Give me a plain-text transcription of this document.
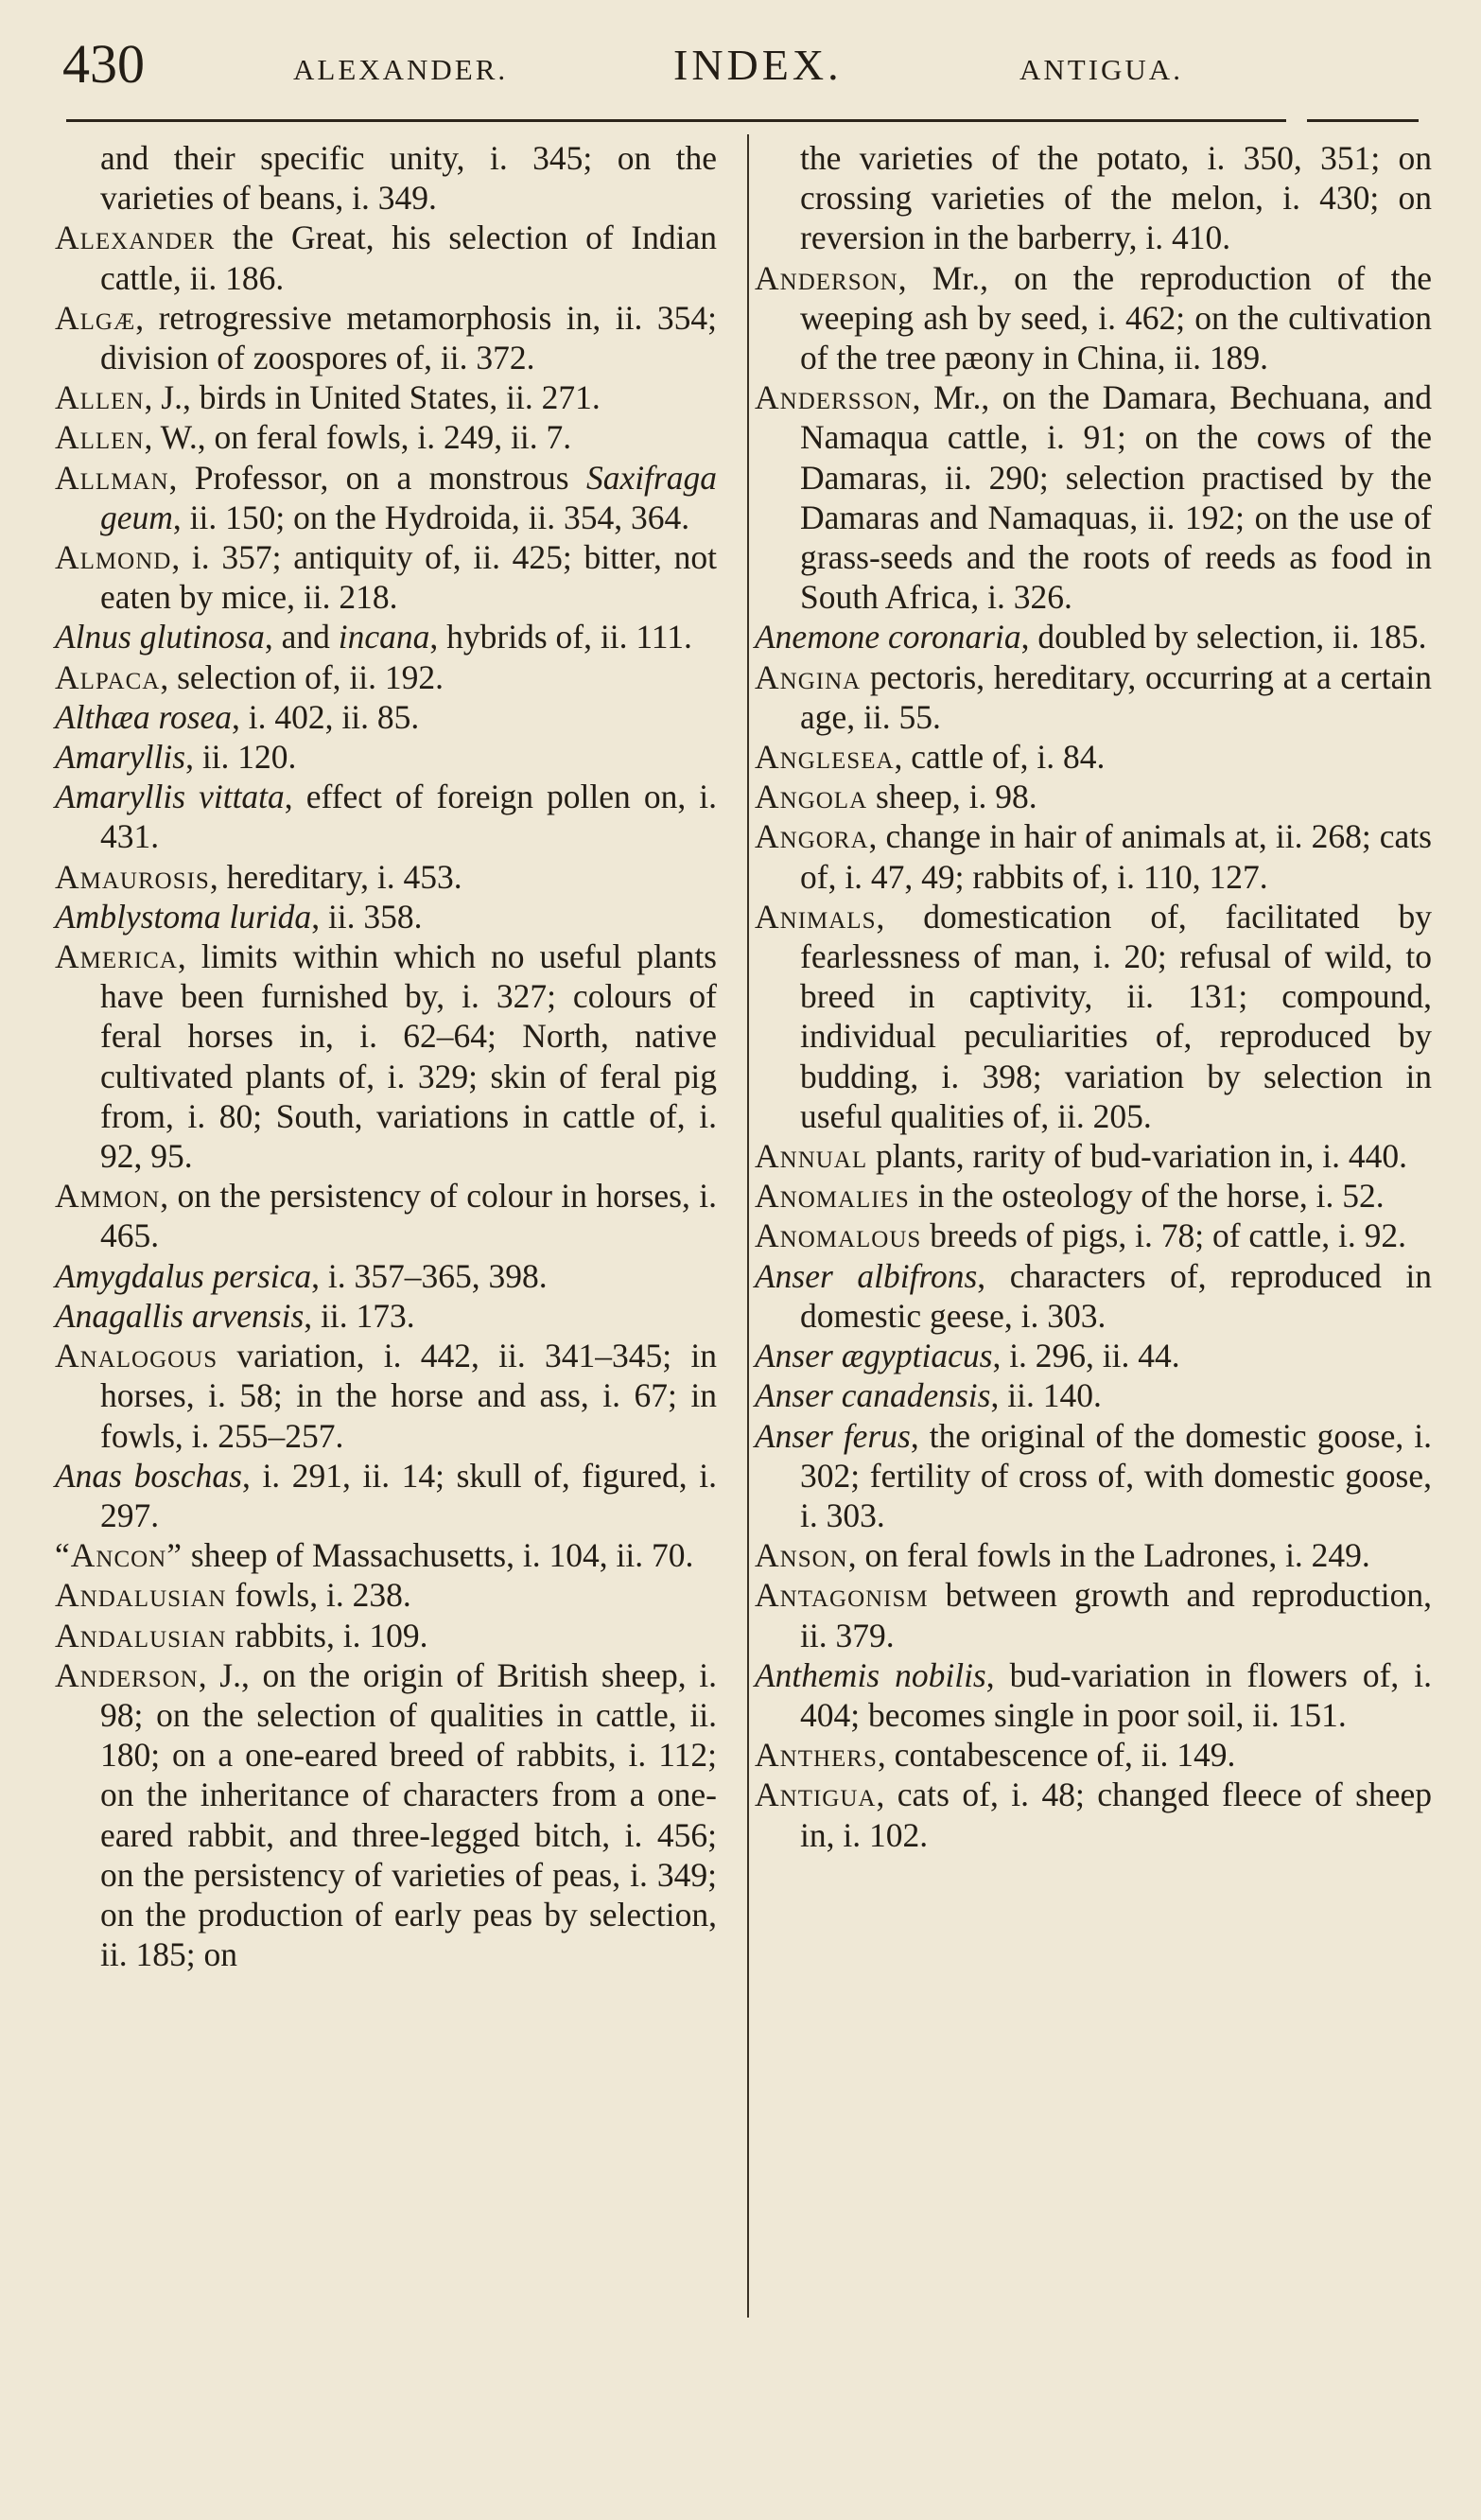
430	ALEXANDER.	INDEX.	ANTIGUA.
and their specific unity, i. 345; on the varieties of beans, i. 349.
Alexander the Great, his selection of Indian cattle, ii. 186.
Algæ, retrogressive metamorphosis in, ii. 354; division of zoospores of, ii. 372.
Allen, J., birds in United States, ii. 271.
Allen, W., on feral fowls, i. 249, ii. 7.
Allman, Professor, on a monstrous Saxifraga geum, ii. 150; on the Hydroida, ii. 354, 364.
Almond, i. 357; antiquity of, ii. 425; bitter, not eaten by mice, ii. 218.
Alnus glutinosa, and incana, hybrids of, ii. 111.
Alpaca, selection of, ii. 192.
Althæa rosea, i. 402, ii. 85.
Amaryllis, ii. 120.
Amaryllis vittata, effect of foreign pollen on, i. 431.
Amaurosis, hereditary, i. 453.
Amblystoma lurida, ii. 358.
America, limits within which no useful plants have been furnished by, i. 327; colours of feral horses in, i. 62–64; North, native cultivated plants of, i. 329; skin of feral pig from, i. 80; South, variations in cattle of, i. 92, 95.
Ammon, on the persistency of colour in horses, i. 465.
Amygdalus persica, i. 357–365, 398.
Anagallis arvensis, ii. 173.
Analogous variation, i. 442, ii. 341–345; in horses, i. 58; in the horse and ass, i. 67; in fowls, i. 255–257.
Anas boschas, i. 291, ii. 14; skull of, figured, i. 297.
“Ancon” sheep of Massachusetts, i. 104, ii. 70.
Andalusian fowls, i. 238.
Andalusian rabbits, i. 109.
Anderson, J., on the origin of British sheep, i. 98; on the selection of qualities in cattle, ii. 180; on a one-eared breed of rabbits, i. 112; on the inheritance of characters from a one-eared rabbit, and three-legged bitch, i. 456; on the persistency of varieties of peas, i. 349; on the production of early peas by selection, ii. 185; on
the varieties of the potato, i. 350, 351; on crossing varieties of the melon, i. 430; on reversion in the barberry, i. 410.
Anderson, Mr., on the reproduction of the weeping ash by seed, i. 462; on the cultivation of the tree pæony in China, ii. 189.
Andersson, Mr., on the Damara, Bechuana, and Namaqua cattle, i. 91; on the cows of the Damaras, ii. 290; selection practised by the Damaras and Namaquas, ii. 192; on the use of grass-seeds and the roots of reeds as food in South Africa, i. 326.
Anemone coronaria, doubled by selection, ii. 185.
Angina pectoris, hereditary, occurring at a certain age, ii. 55.
Anglesea, cattle of, i. 84.
Angola sheep, i. 98.
Angora, change in hair of animals at, ii. 268; cats of, i. 47, 49; rabbits of, i. 110, 127.
Animals, domestication of, facilitated by fearlessness of man, i. 20; refusal of wild, to breed in captivity, ii. 131; compound, individual peculiarities of, reproduced by budding, i. 398; variation by selection in useful qualities of, ii. 205.
Annual plants, rarity of bud-variation in, i. 440.
Anomalies in the osteology of the horse, i. 52.
Anomalous breeds of pigs, i. 78; of cattle, i. 92.
Anser albifrons, characters of, reproduced in domestic geese, i. 303.
Anser ægyptiacus, i. 296, ii. 44.
Anser canadensis, ii. 140.
Anser ferus, the original of the domestic goose, i. 302; fertility of cross of, with domestic goose, i. 303.
Anson, on feral fowls in the Ladrones, i. 249.
Antagonism between growth and reproduction, ii. 379.
Anthemis nobilis, bud-variation in flowers of, i. 404; becomes single in poor soil, ii. 151.
Anthers, contabescence of, ii. 149.
Antigua, cats of, i. 48; changed fleece of sheep in, i. 102.
